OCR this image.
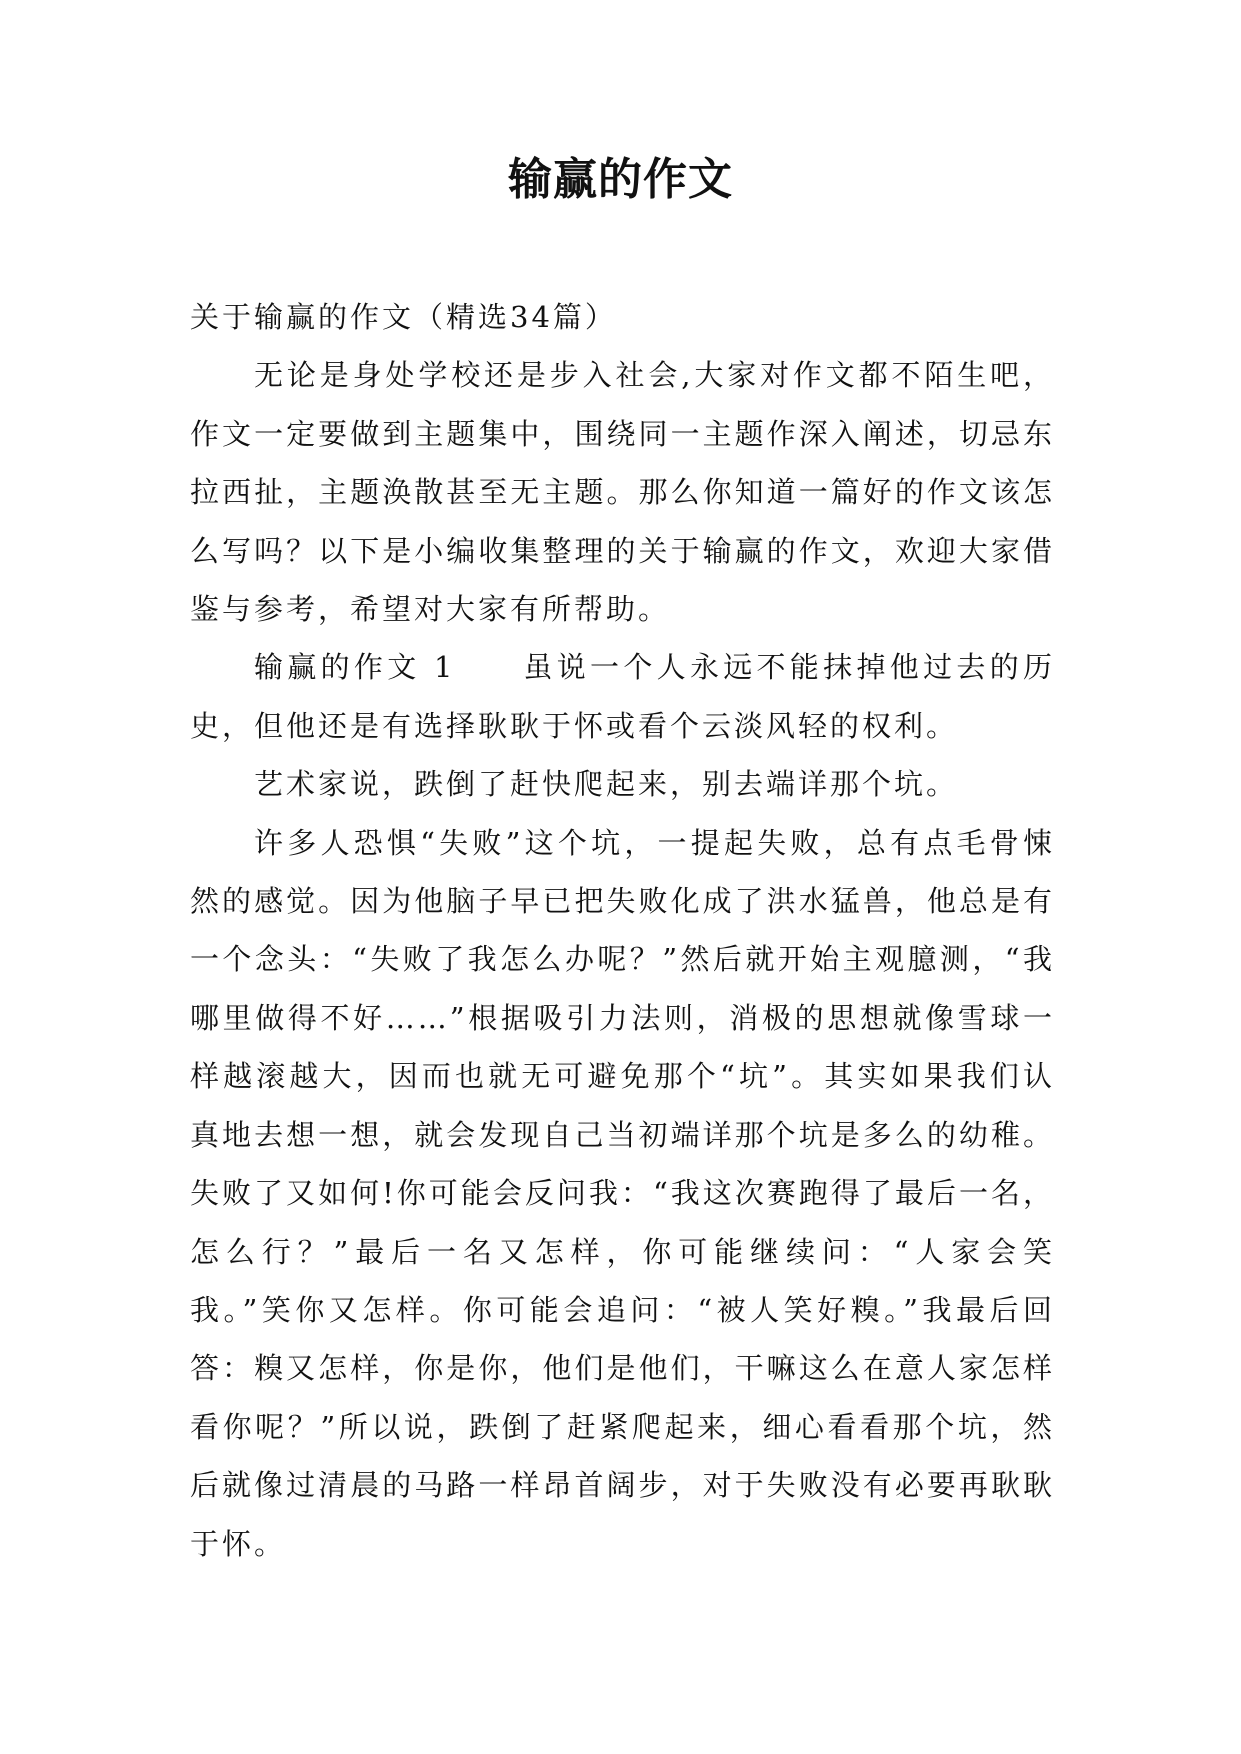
输赢的作文

关于输赢的作文（精选34篇）

无论是身处学校还是步入社会,大家对作文都不陌生吧，作文一定要做到主题集中，围绕同一主题作深入阐述，切忌东拉西扯，主题涣散甚至无主题。那么你知道一篇好的作文该怎么写吗？以下是小编收集整理的关于输赢的作文，欢迎大家借鉴与参考，希望对大家有所帮助。

输赢的作文 1　　虽说一个人永远不能抹掉他过去的历史，但他还是有选择耿耿于怀或看个云淡风轻的权利。

艺术家说，跌倒了赶快爬起来，别去端详那个坑。

许多人恐惧“失败”这个坑，一提起失败，总有点毛骨悚然的感觉。因为他脑子早已把失败化成了洪水猛兽，他总是有一个念头：“失败了我怎么办呢？”然后就开始主观臆测，“我哪里做得不好……”根据吸引力法则，消极的思想就像雪球一样越滚越大，因而也就无可避免那个“坑”。其实如果我们认真地去想一想，就会发现自己当初端详那个坑是多么的幼稚。失败了又如何!你可能会反问我：“我这次赛跑得了最后一名，怎么行？”最后一名又怎样，你可能继续问：“人家会笑我。”笑你又怎样。你可能会追问：“被人笑好糗。”我最后回答：糗又怎样，你是你，他们是他们，干嘛这么在意人家怎样看你呢？”所以说，跌倒了赶紧爬起来，细心看看那个坑，然后就像过清晨的马路一样昂首阔步，对于失败没有必要再耿耿于怀。
